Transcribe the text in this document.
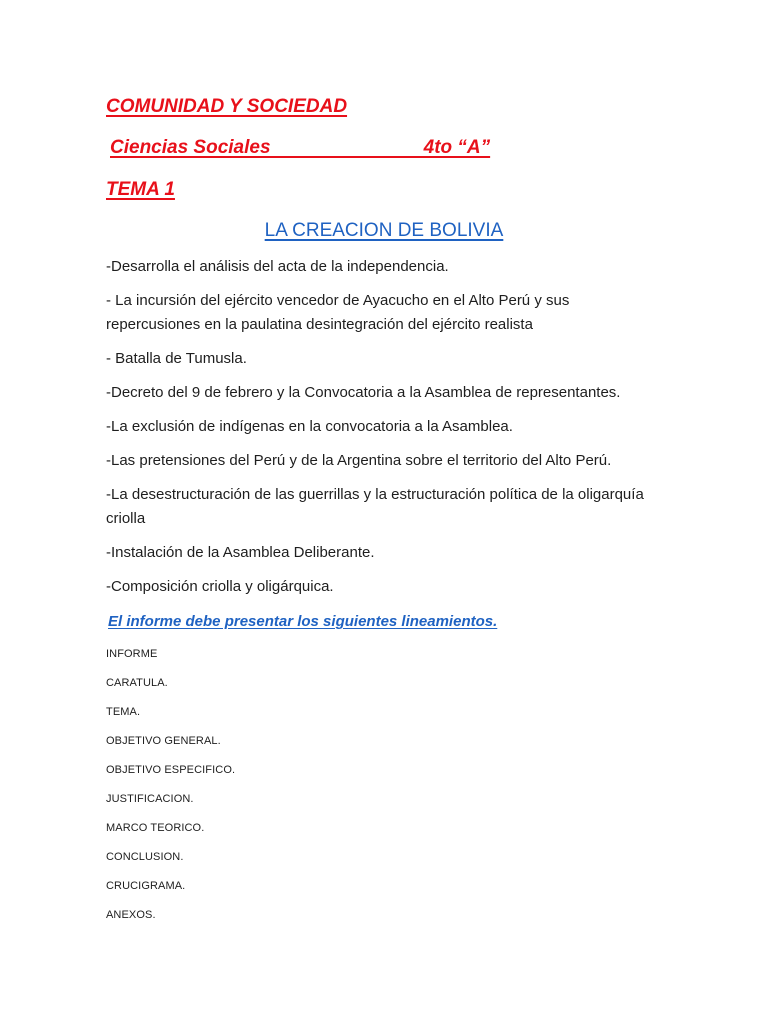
COMUNIDAD Y SOCIEDAD

Ciencias Sociales                             4to “A”

TEMA 1

LA CREACION DE BOLIVIA

-Desarrolla el análisis del acta de la independencia.
- La incursión del ejército vencedor de Ayacucho en el Alto Perú y sus repercusiones en la paulatina desintegración del ejército realista
- Batalla de Tumusla.
-Decreto del 9 de febrero y la Convocatoria a la Asamblea de representantes.
-La exclusión de indígenas en la convocatoria a la Asamblea.
-Las pretensiones del Perú y de la Argentina sobre el territorio del Alto Perú.
-La desestructuración de las guerrillas y la estructuración política de la oligarquía criolla
-Instalación de la Asamblea Deliberante.
-Composición criolla y oligárquica.

El informe debe presentar los siguientes lineamientos.

INFORME
CARATULA.
TEMA.
OBJETIVO GENERAL.
OBJETIVO ESPECIFICO.
JUSTIFICACION.
MARCO TEORICO.
CONCLUSION.
CRUCIGRAMA.
ANEXOS.
